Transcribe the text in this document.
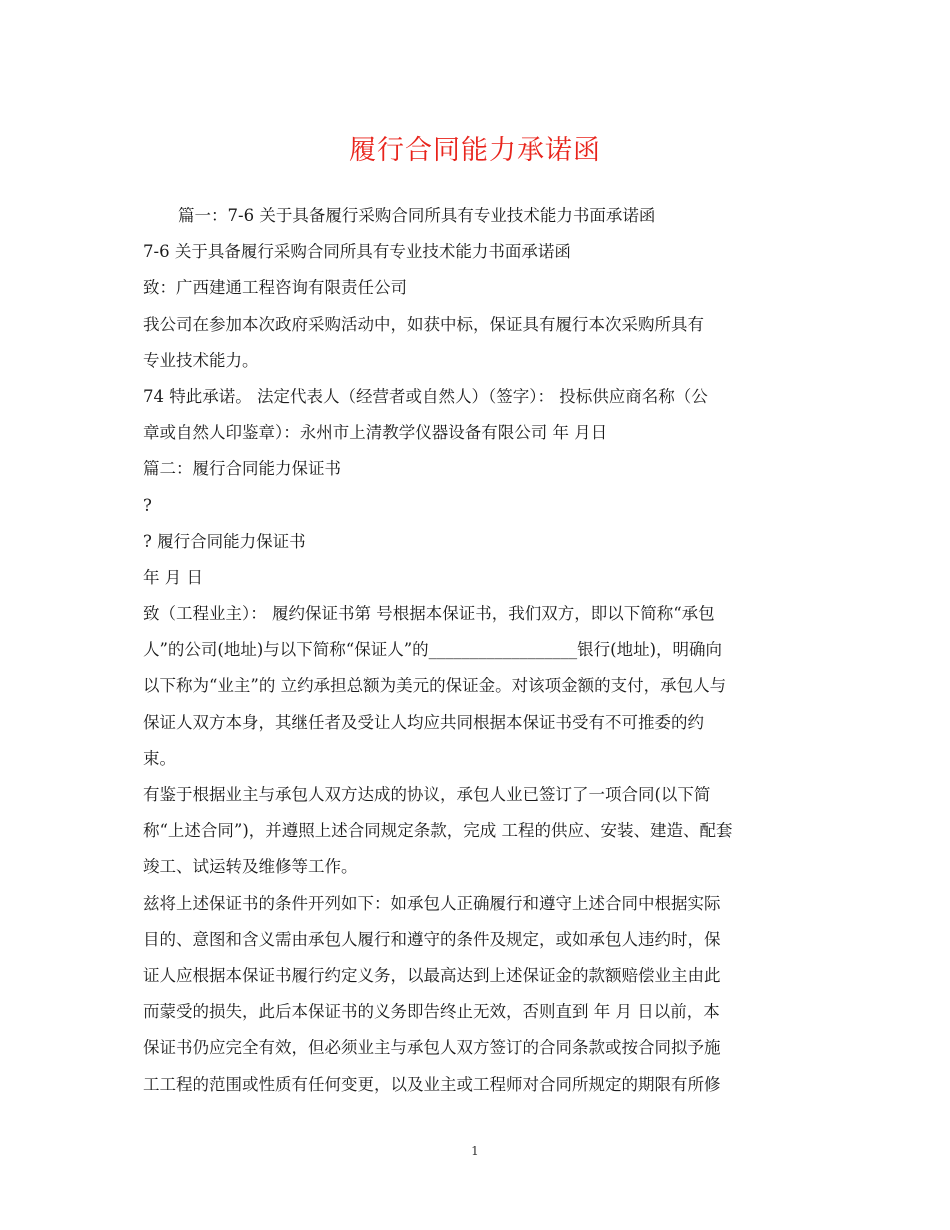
履行合同能力承诺函
篇一：7-6 关于具备履行采购合同所具有专业技术能力书面承诺函
7-6 关于具备履行采购合同所具有专业技术能力书面承诺函
致：广西建通工程咨询有限责任公司
我公司在参加本次政府采购活动中，如获中标，保证具有履行本次采购所具有
专业技术能力。
74 特此承诺。 法定代表人（经营者或自然人）（签字）： 投标供应商名称（公
章或自然人印鉴章）：永州市上清教学仪器设备有限公司 年 月日
篇二：履行合同能力保证书
?
? 履行合同能力保证书
年 月 日
致（工程业主）： 履约保证书第 号根据本保证书，我们双方，即以下简称“承包
人”的公司(地址)与以下简称“保证人”的__________________银行(地址)，明确向
以下称为“业主”的 立约承担总额为美元的保证金。对该项金额的支付，承包人与
保证人双方本身，其继任者及受让人均应共同根据本保证书受有不可推委的约
束。
有鉴于根据业主与承包人双方达成的协议，承包人业已签订了一项合同(以下简
称“上述合同”)，并遵照上述合同规定条款，完成 工程的供应、安装、建造、配套
竣工、试运转及维修等工作。
兹将上述保证书的条件开列如下：如承包人正确履行和遵守上述合同中根据实际
目的、意图和含义需由承包人履行和遵守的条件及规定，或如承包人违约时，保
证人应根据本保证书履行约定义务，以最高达到上述保证金的款额赔偿业主由此
而蒙受的损失，此后本保证书的义务即告终止无效，否则直到 年 月 日以前，本
保证书仍应完全有效，但必须业主与承包人双方签订的合同条款或按合同拟予施
工工程的范围或性质有任何变更，以及业主或工程师对合同所规定的期限有所修
1
